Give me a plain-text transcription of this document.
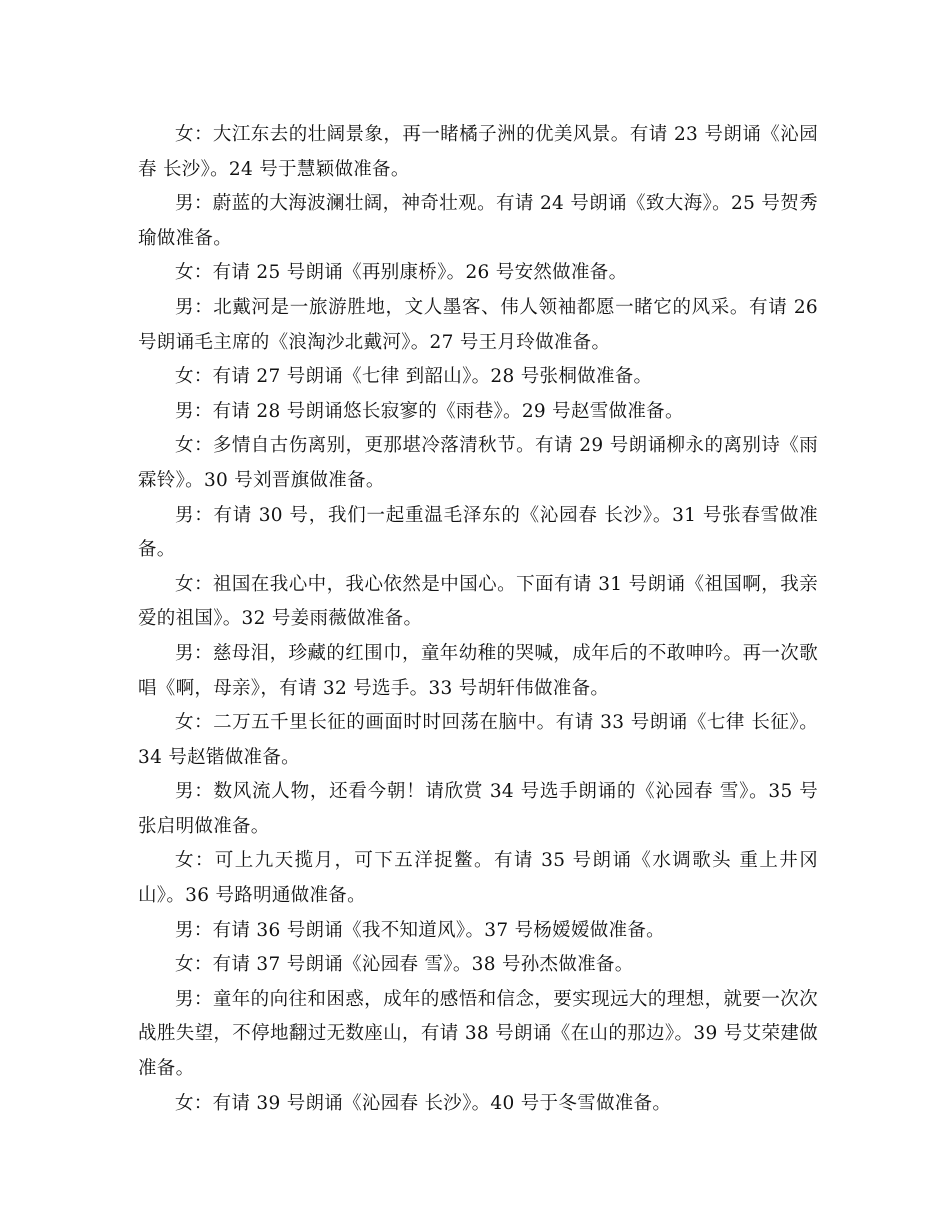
女：大江东去的壮阔景象，再一睹橘子洲的优美风景。有请 23 号朗诵《沁园春 长沙》。24 号于慧颖做准备。

男：蔚蓝的大海波澜壮阔，神奇壮观。有请 24 号朗诵《致大海》。25 号贺秀瑜做准备。

女：有请 25 号朗诵《再别康桥》。26 号安然做准备。

男：北戴河是一旅游胜地，文人墨客、伟人领袖都愿一睹它的风采。有请 26 号朗诵毛主席的《浪淘沙北戴河》。27 号王月玲做准备。

女：有请 27 号朗诵《七律 到韶山》。28 号张桐做准备。

男：有请 28 号朗诵悠长寂寥的《雨巷》。29 号赵雪做准备。

女：多情自古伤离别，更那堪冷落清秋节。有请 29 号朗诵柳永的离别诗《雨霖铃》。30 号刘晋旗做准备。

男：有请 30 号，我们一起重温毛泽东的《沁园春 长沙》。31 号张春雪做准备。

女：祖国在我心中，我心依然是中国心。下面有请 31 号朗诵《祖国啊，我亲爱的祖国》。32 号姜雨薇做准备。

男：慈母泪，珍藏的红围巾，童年幼稚的哭喊，成年后的不敢呻吟。再一次歌唱《啊，母亲》，有请 32 号选手。33 号胡轩伟做准备。

女：二万五千里长征的画面时时回荡在脑中。有请 33 号朗诵《七律 长征》。34 号赵锴做准备。

男：数风流人物，还看今朝！请欣赏 34 号选手朗诵的《沁园春 雪》。35 号张启明做准备。

女：可上九天揽月，可下五洋捉鳖。有请 35 号朗诵《水调歌头 重上井冈山》。36 号路明通做准备。

男：有请 36 号朗诵《我不知道风》。37 号杨嫒嫒做准备。

女：有请 37 号朗诵《沁园春 雪》。38 号孙杰做准备。

男：童年的向往和困惑，成年的感悟和信念，要实现远大的理想，就要一次次战胜失望，不停地翻过无数座山，有请 38 号朗诵《在山的那边》。39 号艾荣建做准备。

女：有请 39 号朗诵《沁园春 长沙》。40 号于冬雪做准备。
